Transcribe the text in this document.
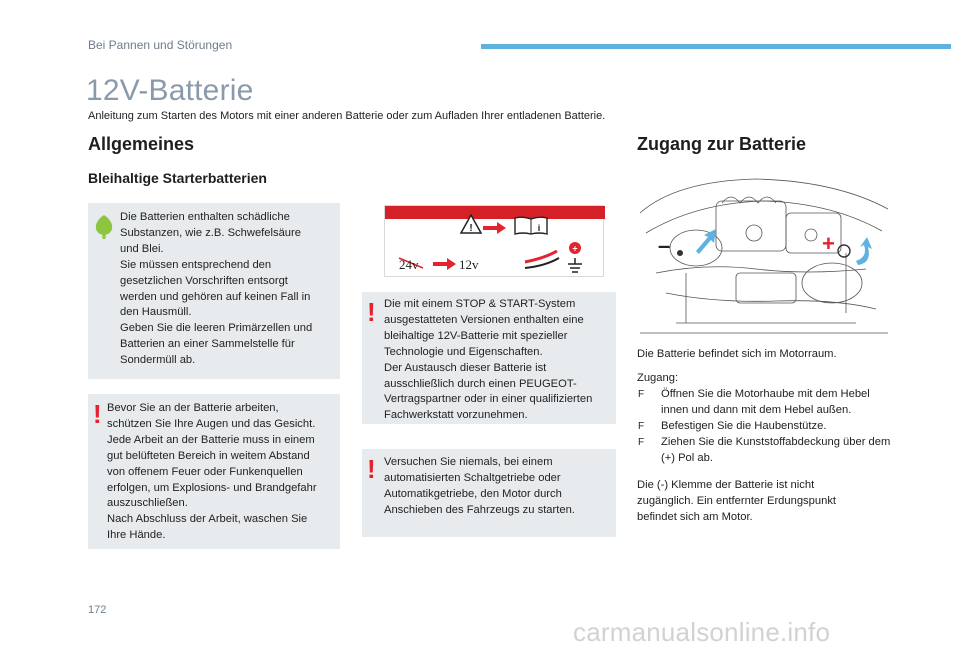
Bei Pannen und Störungen
12V-Batterie

Anleitung zum Starten des Motors mit einer anderen Batterie oder zum Aufladen Ihrer entladenen Batterie.

Allgemeines
Bleihaltige Starterbatterien
Die Batterien enthalten schädliche
Substanzen, wie z.B. Schwefelsäure
und Blei.
Sie müssen entsprechend den
gesetzlichen Vorschriften entsorgt
werden und gehören auf keinen Fall in
den Hausmüll.
Geben Sie die leeren Primärzellen und
Batterien an einer Sammelstelle für
Sondermüll ab.
! Bevor Sie an der Batterie arbeiten,
schützen Sie Ihre Augen und das Gesicht.
Jede Arbeit an der Batterie muss in einem
gut belüfteten Bereich in weitem Abstand
von offenem Feuer oder Funkenquellen
erfolgen, um Explosions- und Brandgefahr
auszuschließen.
Nach Abschluss der Arbeit, waschen Sie
Ihre Hände.
!	i
+
24v	12v
! Die mit einem STOP & START-System
ausgestatteten Versionen enthalten eine
bleihaltige 12V-Batterie mit spezieller
Technologie und Eigenschaften.
Der Austausch dieser Batterie ist
ausschließlich durch einen PEUGEOT-
Vertragspartner oder in einer qualifizierten
Fachwerkstatt vorzunehmen.
! Versuchen Sie niemals, bei einem
automatisierten Schaltgetriebe oder
Automatikgetriebe, den Motor durch
Anschieben des Fahrzeugs zu starten.
Zugang zur Batterie
–	+

Die Batterie befindet sich im Motorraum.

Zugang:

F Öffnen Sie die Motorhaube mit dem Hebel innen und dann mit dem Hebel außen.
F Befestigen Sie die Haubenstütze.
F Ziehen Sie die Kunststoffabdeckung über dem (+) Pol ab.
Die (-) Klemme der Batterie ist nicht
zugänglich. Ein entfernter Erdungspunkt
befindet sich am Motor.
172
carmanualsonline.info
